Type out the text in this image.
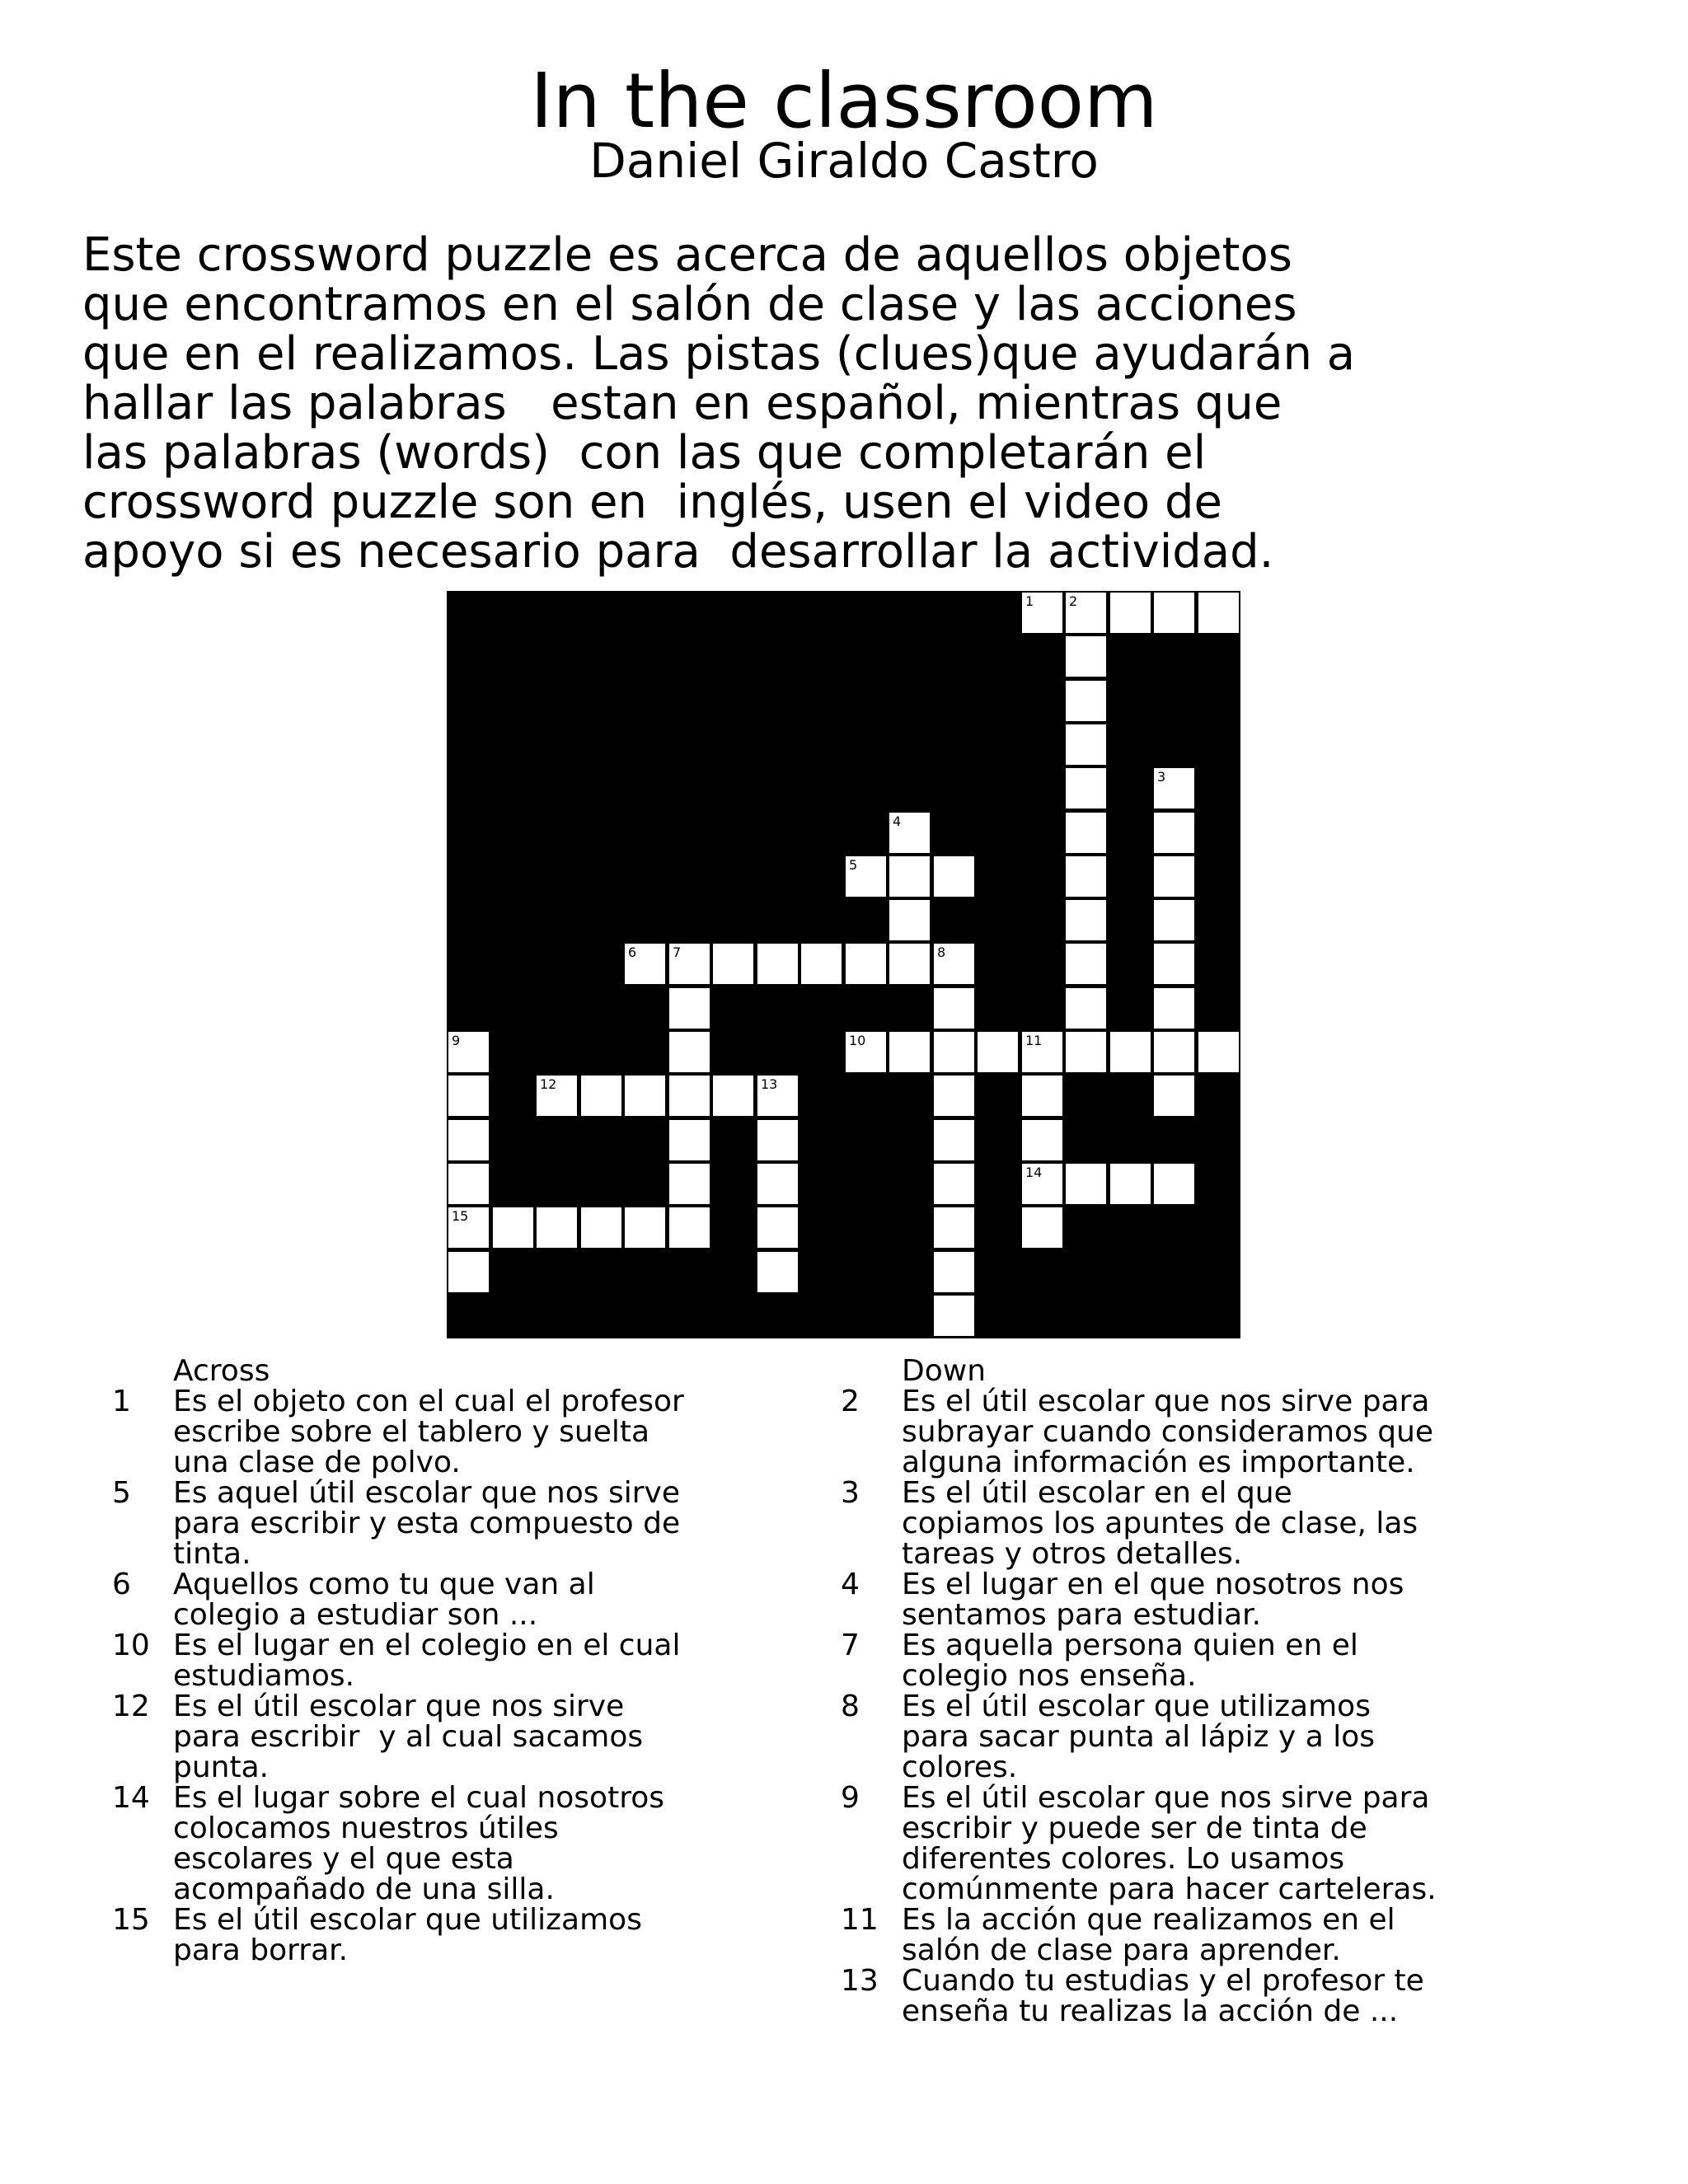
In the classroom
Daniel Giraldo Castro
Este crossword puzzle es acerca de aquellos objetos
que encontramos en el salón de clase y las acciones
que en el realizamos. Las pistas (clues)que ayudarán a
hallar las palabras   estan en español, mientras que
las palabras (words)  con las que completarán el
crossword puzzle son en  inglés, usen el video de
apoyo si es necesario para  desarrollar la actividad.
1	2
3
4
5
6	7	8
9
15
10	11
14
12	13
Across
1 Es el objeto con el cual el profesor
escribe sobre el tablero y suelta
una clase de polvo.
5 Es aquel útil escolar que nos sirve
para escribir y esta compuesto de
tinta.
6 Aquellos como tu que van al
colegio a estudiar son ...
10 Es el lugar en el colegio en el cual
estudiamos.
12 Es el útil escolar que nos sirve
para escribir  y al cual sacamos
punta.
14 Es el lugar sobre el cual nosotros
colocamos nuestros útiles
escolares y el que esta
acompañado de una silla.
15 Es el útil escolar que utilizamos
para borrar.
Down
2 Es el útil escolar que nos sirve para
subrayar cuando consideramos que
alguna información es importante.
3 Es el útil escolar en el que
copiamos los apuntes de clase, las
tareas y otros detalles.
4 Es el lugar en el que nosotros nos
sentamos para estudiar.
7 Es aquella persona quien en el
colegio nos enseña.
8 Es el útil escolar que utilizamos
para sacar punta al lápiz y a los
colores.
9 Es el útil escolar que nos sirve para
escribir y puede ser de tinta de
diferentes colores. Lo usamos
comúnmente para hacer carteleras.
11 Es la acción que realizamos en el
salón de clase para aprender.
13 Cuando tu estudias y el profesor te
enseña tu realizas la acción de ...
